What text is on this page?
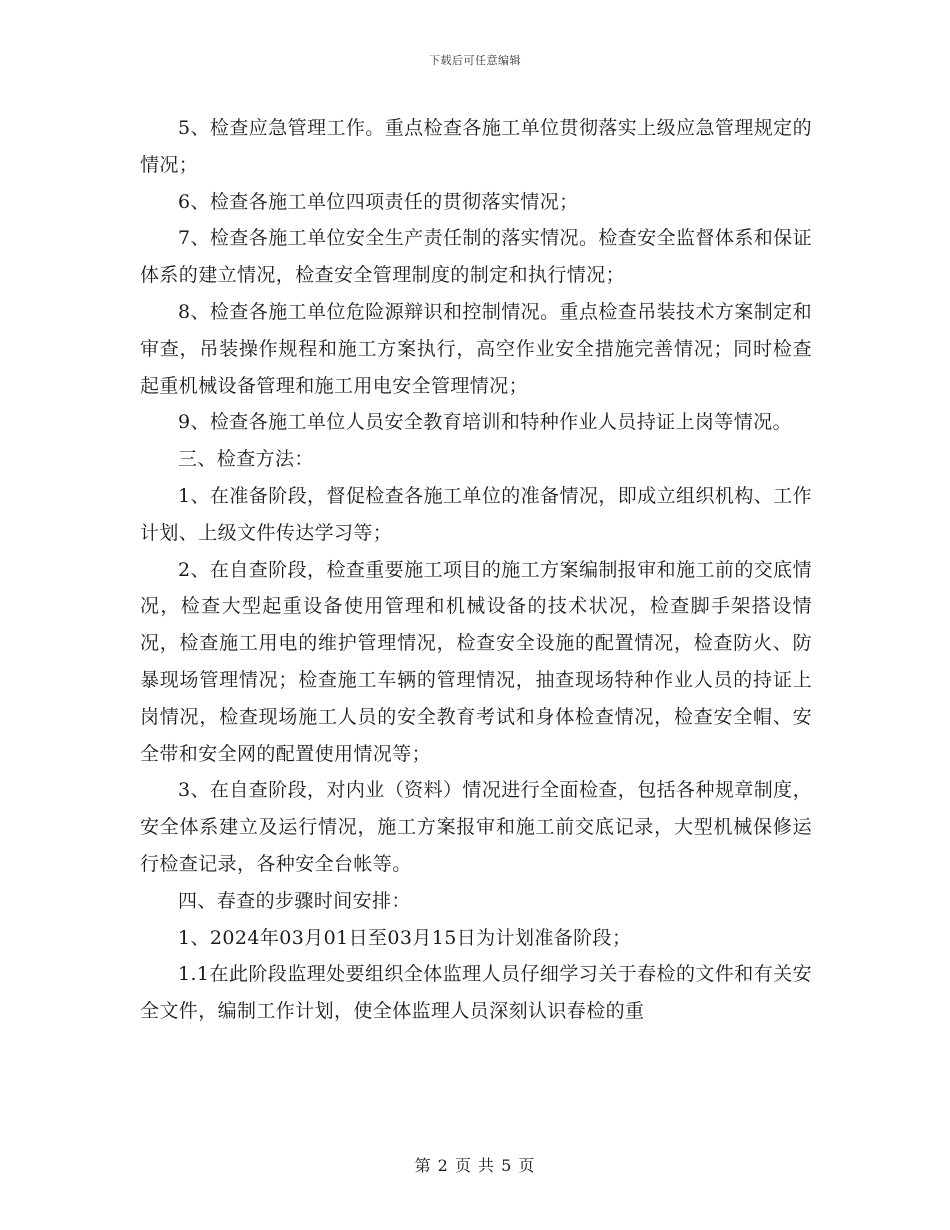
下载后可任意编辑

5、检查应急管理工作。重点检查各施工单位贯彻落实上级应急管理规定的情况；

6、检查各施工单位四项责任的贯彻落实情况；

7、检查各施工单位安全生产责任制的落实情况。检查安全监督体系和保证体系的建立情况，检查安全管理制度的制定和执行情况；

8、检查各施工单位危险源辩识和控制情况。重点检查吊装技术方案制定和审查，吊装操作规程和施工方案执行，高空作业安全措施完善情况；同时检查起重机械设备管理和施工用电安全管理情况；

9、检查各施工单位人员安全教育培训和特种作业人员持证上岗等情况。

三、检查方法：

1、在准备阶段，督促检查各施工单位的准备情况，即成立组织机构、工作计划、上级文件传达学习等；

2、在自查阶段，检查重要施工项目的施工方案编制报审和施工前的交底情况，检查大型起重设备使用管理和机械设备的技术状况，检查脚手架搭设情况，检查施工用电的维护管理情况，检查安全设施的配置情况，检查防火、防暴现场管理情况；检查施工车辆的管理情况，抽查现场特种作业人员的持证上岗情况，检查现场施工人员的安全教育考试和身体检查情况，检查安全帽、安全带和安全网的配置使用情况等；

3、在自查阶段，对内业（资料）情况进行全面检查，包括各种规章制度，安全体系建立及运行情况，施工方案报审和施工前交底记录，大型机械保修运行检查记录，各种安全台帐等。

四、春查的步骤时间安排：

1、2024年03月01日至03月15日为计划准备阶段；

1.1在此阶段监理处要组织全体监理人员仔细学习关于春检的文件和有关安全文件，编制工作计划，使全体监理人员深刻认识春检的重

第 2 页 共 5 页
